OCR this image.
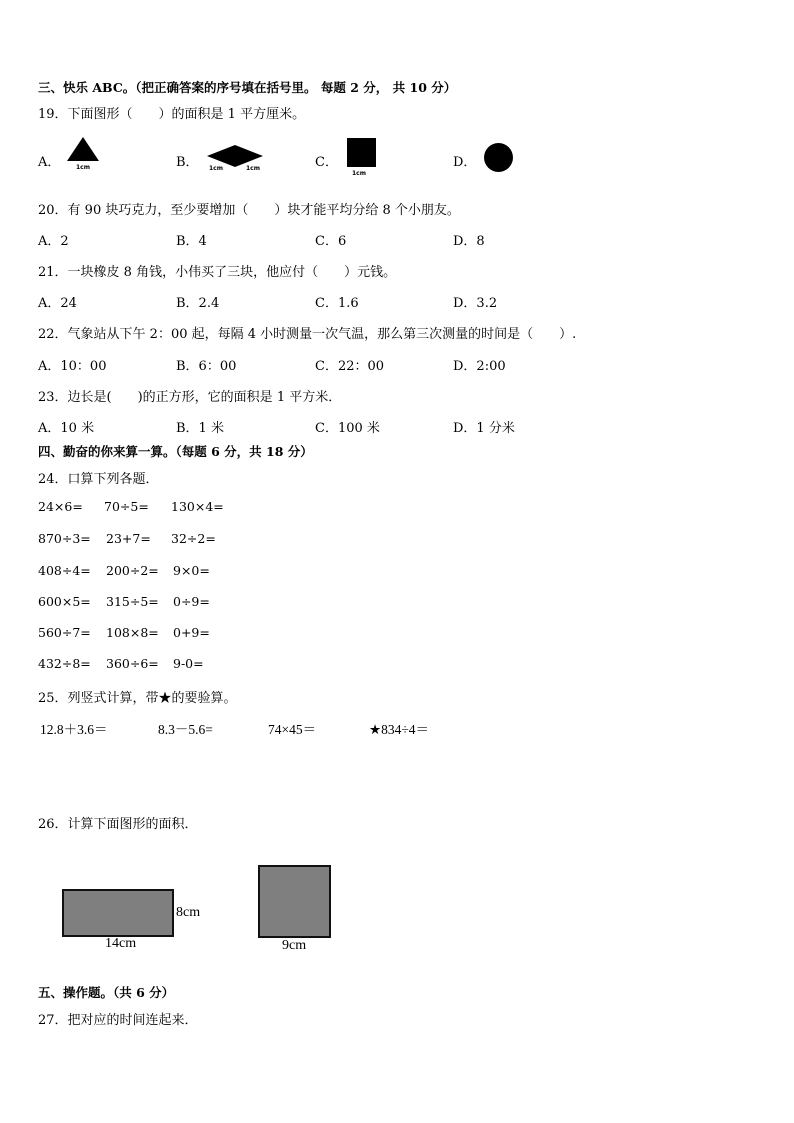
三、快乐 ABC。（把正确答案的序号填在括号里。 每题 2 分， 共 10 分）
19．下面图形（　　）的面积是 1 平方厘米。
A．	1cm	B． 1cm	1cm	C．
1cm
D．
20．有 90 块巧克力，至少要增加（　　）块才能平均分给 8 个小朋友。
A．2	B．4	C．6	D．8
21．一块橡皮 8 角钱，小伟买了三块，他应付（　　）元钱。
A．24	B．2.4	C．1.6	D．3.2
22．气象站从下午 2：00 起，每隔 4 小时测量一次气温，那么第三次测量的时间是（　　）.
A．10：00	B．6：00	C．22：00	D．2:00
23．边长是(　　)的正方形，它的面积是 1 平方米．
A．10 米	B．1 米	C．100 米	D．1 分米
四、勤奋的你来算一算。（每题 6 分，共 18 分）
24．口算下列各题．
24×6= 70÷5= 130×4=
870÷3= 23+7= 32÷2=
408÷4= 200÷2= 9×0=
600×5= 315÷5= 0÷9=
560÷7= 108×8= 0+9=
432÷8= 360÷6= 9-0=
25．列竖式计算，带★的要验算。
12.8＋3.6＝	8.3－5.6=	74×45＝	★834÷4＝
26．计算下面图形的面积．
8cm
14cm	9cm
五、操作题。（共 6 分）
27．把对应的时间连起来．
